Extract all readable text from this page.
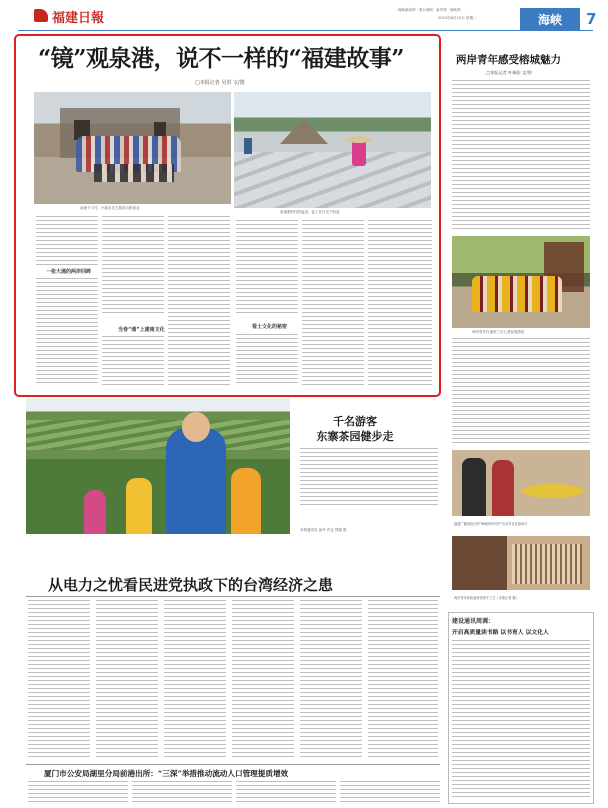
福建日報
海峡新闻网 · 看台海网 · 新华网 · 海峡网
2023年8月15日 星期二	海峡 7
“镜”观泉港，说不一样的“福建故事”
□本报记者 吴洪 文/图
泉港下门村，小朋友在古厝前合影留念
泉港惠屿村的盐田，盐工在日光下收盐
一张大通的两岸回眸
当卷“通”上建南文化	看土文化的秘密
两岸青年感受榕城魅力
□本报记者 叶新阳 文/图
两岸青年在福州三坊七巷参观游览
千名游客
东寨茶园健步走
本报通讯员 邱丹 许志 郑娟 图
福建广播电视台的“海峡两岸有约”访谈节目在榕举行
两岸青年体验福州传统手工艺（本报记者 摄）
从电力之忧看民进党执政下的台湾经济之患
厦门市公安局湖里分局前港出所：“三深”举措推动流动人口管理提质增效
建设通讯周调：
开启高质量读书路 以书育人 以文化人
